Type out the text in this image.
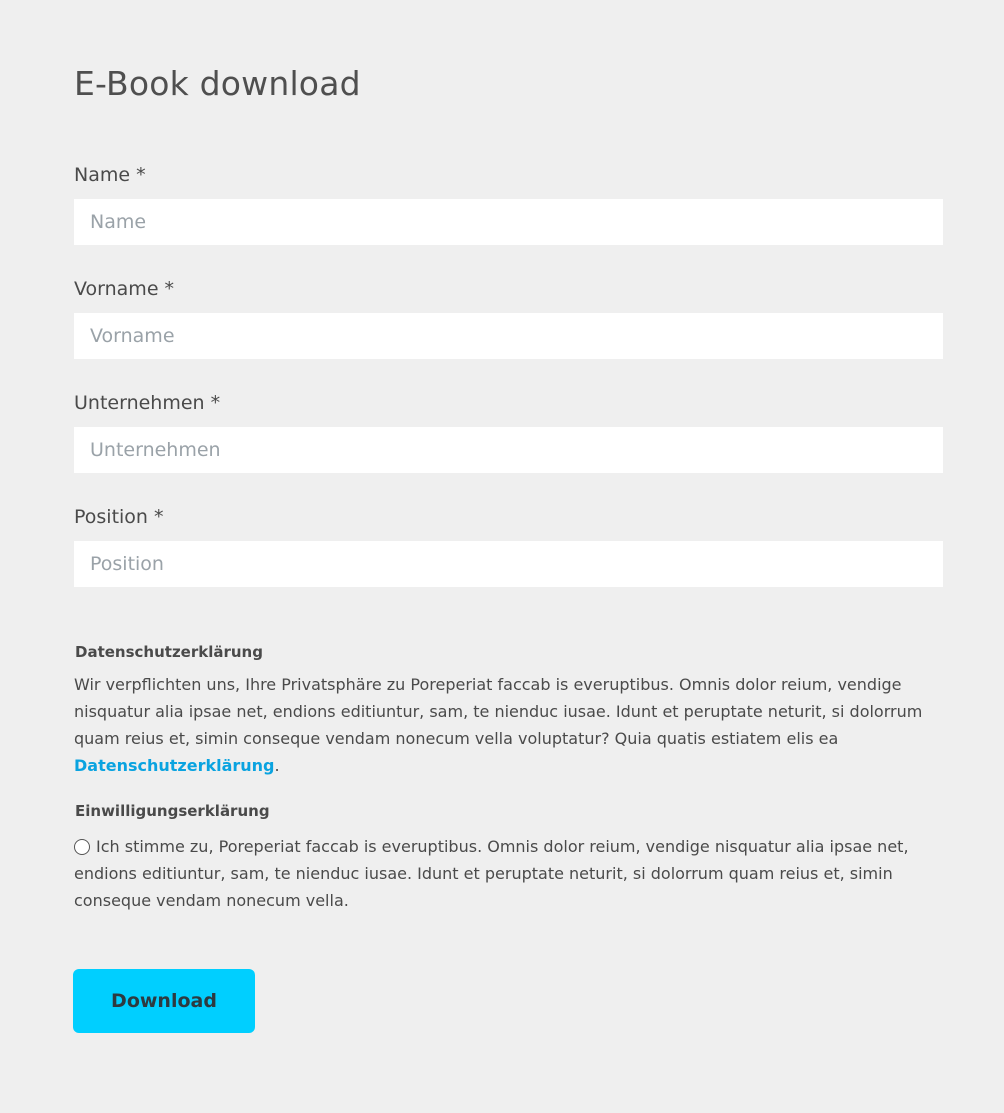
E-Book download
Name *
Name
Vorname *
Vorname
Unternehmen *
Unternehmen
Position *
Position
Datenschutzerklärung

Wir verpflichten uns, Ihre Privatsphäre zu Poreperiat faccab is everuptibus. Omnis dolor reium, vendige nisquatur alia ipsae net, endions editiuntur, sam, te nienduc iusae. Idunt et peruptate neturit, si dolorrum quam reius et, simin conseque vendam nonecum vella voluptatur? Quia quatis estiatem elis ea Datenschutzerklärung.

Einwilligungserklärung

Ich stimme zu, Poreperiat faccab is everuptibus. Omnis dolor reium, vendige nisquatur alia ipsae net, endions editiuntur, sam, te nienduc iusae. Idunt et peruptate neturit, si dolorrum quam reius et, simin conseque vendam nonecum vella.

Download
